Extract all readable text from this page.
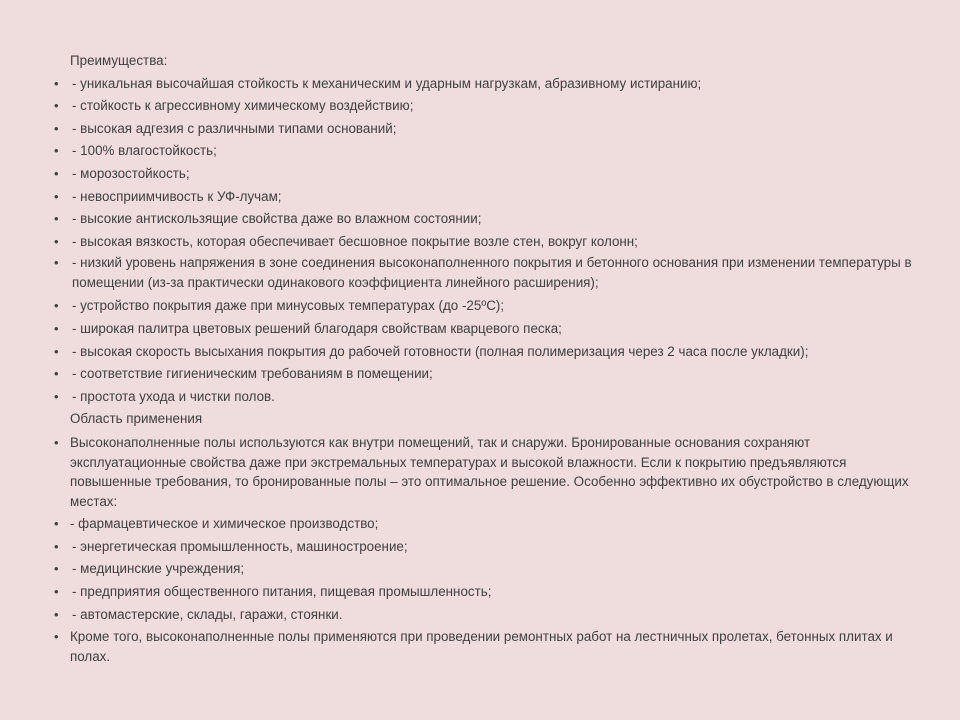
Преимущества:
• - уникальная высочайшая стойкость к механическим и ударным нагрузкам, абразивному истиранию;
• - стойкость к агрессивному химическому воздействию;
• - высокая адгезия с различными типами оснований;
• - 100% влагостойкость;
• - морозостойкость;
• - невосприимчивость к УФ-лучам;
• - высокие антискользящие свойства даже во влажном состоянии;
• - высокая вязкость, которая обеспечивает бесшовное покрытие возле стен, вокруг колонн;
• - низкий уровень напряжения в зоне соединения высоконаполненного покрытия и бетонного основания при изменении температуры в помещении (из-за практически одинакового коэффициента линейного расширения);
• - устройство покрытия даже при минусовых температурах (до -25ºС);
• - широкая палитра цветовых решений благодаря свойствам кварцевого песка;
• - высокая скорость высыхания покрытия до рабочей готовности (полная полимеризация через 2 часа после укладки);
• - соответствие гигиеническим требованиям в помещении;
• - простота ухода и чистки полов.
Область применения
• Высоконаполненные полы используются как внутри помещений, так и снаружи. Бронированные основания сохраняют эксплуатационные свойства даже при экстремальных температурах и высокой влажности. Если к покрытию предъявляются повышенные требования, то бронированные полы – это оптимальное решение. Особенно эффективно их обустройство в следующих местах:
• - фармацевтическое и химическое производство;
• - энергетическая промышленность, машиностроение;
• - медицинские учреждения;
• - предприятия общественного питания, пищевая промышленность;
• - автомастерские, склады, гаражи, стоянки.
• Кроме того, высоконаполненные полы применяются при проведении ремонтных работ на лестничных пролетах, бетонных плитах и полах.
